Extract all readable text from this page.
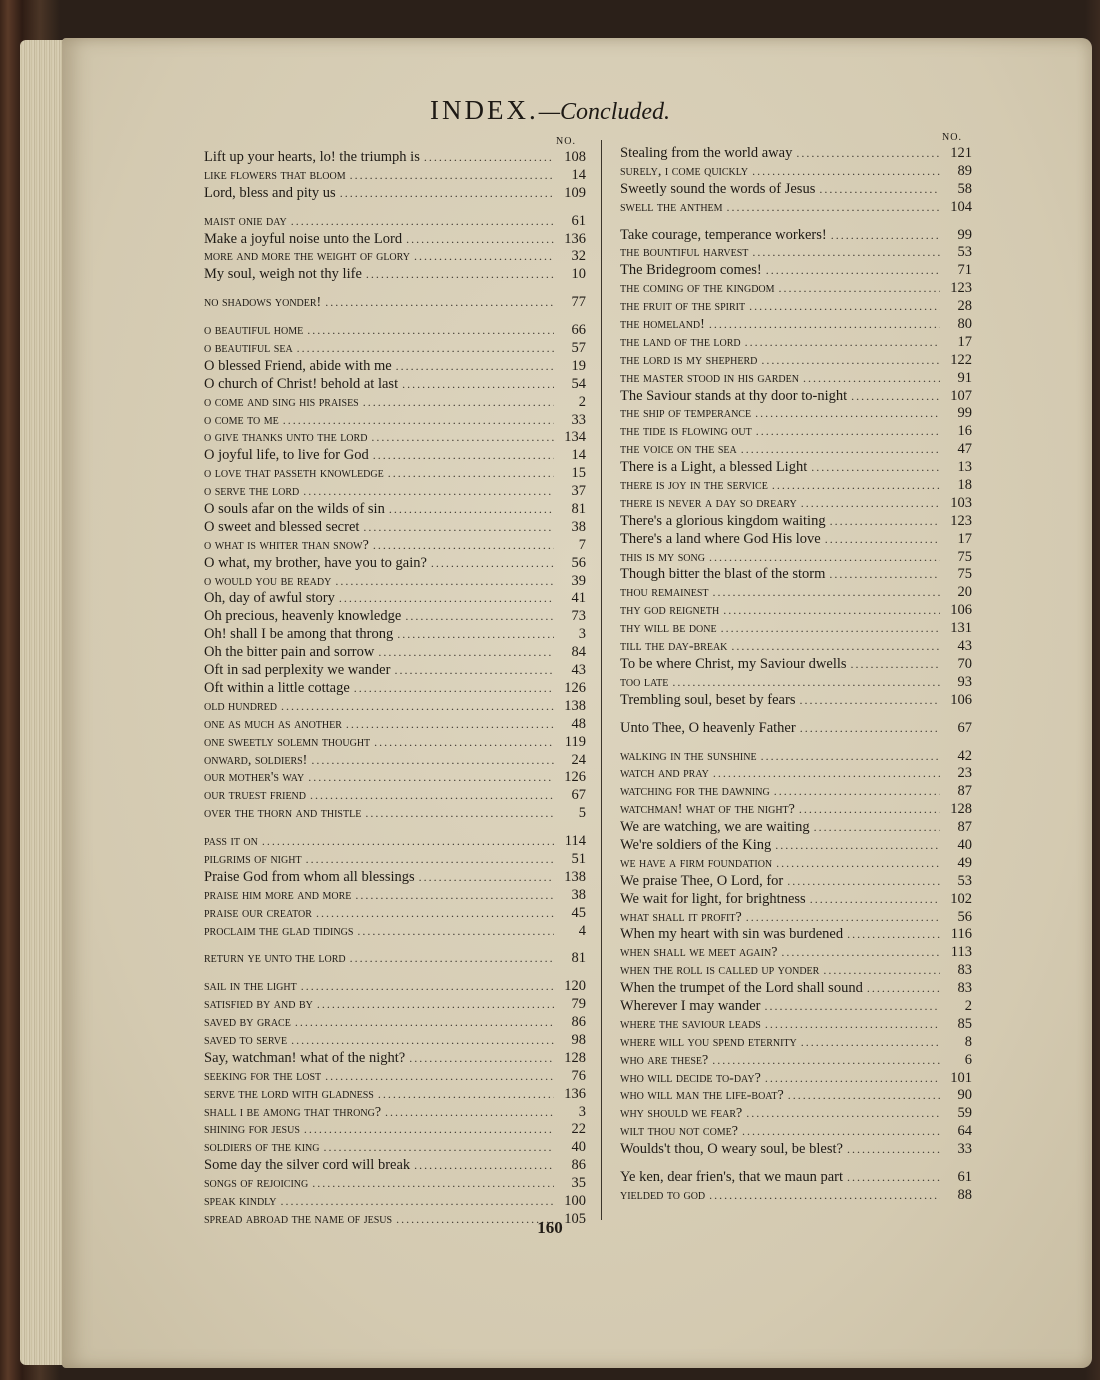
INDEX.—Concluded.
NO.
Lift up your hearts, lo! the triumph is .....	108
like flowers that bloom .....	14
Lord, bless and pity us .....	109
maist onie day .....	61
Make a joyful noise unto the Lord .....	136
more and more the weight of glory .....	32
My soul, weigh not thy life .....	10
no shadows yonder! .....	77
o beautiful home .....	66
o beautiful sea .....	57
O blessed Friend, abide with me .....	19
O church of Christ! behold at last .....	54
o come and sing his praises .....	2
o come to me .....	33
o give thanks unto the lord .....	134
O joyful life, to live for God .....	14
o love that passeth knowledge .....	15
o serve the lord .....	37
O souls afar on the wilds of sin .....	81
O sweet and blessed secret .....	38
o what is whiter than snow? .....	7
O what, my brother, have you to gain? .....	56
o would you be ready .....	39
Oh, day of awful story .....	41
Oh precious, heavenly knowledge .....	73
Oh! shall I be among that throng .....	3
Oh the bitter pain and sorrow .....	84
Oft in sad perplexity we wander .....	43
Oft within a little cottage .....	126
old hundred .....	138
one as much as another .....	48
one sweetly solemn thought .....	119
onward, soldiers! .....	24
our mother's way .....	126
our truest friend .....	67
over the thorn and thistle .....	5
pass it on .....	114
pilgrims of night .....	51
Praise God from whom all blessings .....	138
praise him more and more .....	38
praise our creator .....	45
proclaim the glad tidings .....	4
return ye unto the lord .....	81
sail in the light .....	120
satisfied by and by .....	79
saved by grace .....	86
saved to serve .....	98
Say, watchman! what of the night? .....	128
seeking for the lost .....	76
serve the lord with gladness .....	136
shall i be among that throng? .....	3
shining for jesus .....	22
soldiers of the king .....	40
Some day the silver cord will break .....	86
songs of rejoicing .....	35
speak kindly .....	100
spread abroad the name of jesus .....	105
NO.
Stealing from the world away .....	121
surely, i come quickly .....	89
Sweetly sound the words of Jesus .....	58
swell the anthem .....	104
Take courage, temperance workers! .....	99
the bountiful harvest .....	53
The Bridegroom comes! .....	71
the coming of the kingdom .....	123
the fruit of the spirit .....	28
the homeland! .....	80
the land of the lord .....	17
the lord is my shepherd .....	122
the master stood in his garden .....	91
The Saviour stands at thy door to-night .....	107
the ship of temperance .....	99
the tide is flowing out .....	16
the voice on the sea .....	47
There is a Light, a blessed Light .....	13
there is joy in the service .....	18
there is never a day so dreary .....	103
There's a glorious kingdom waiting .....	123
There's a land where God His love .....	17
this is my song .....	75
Though bitter the blast of the storm .....	75
thou remainest .....	20
thy god reigneth .....	106
thy will be done .....	131
till the day-break .....	43
To be where Christ, my Saviour dwells .....	70
too late .....	93
Trembling soul, beset by fears .....	106
Unto Thee, O heavenly Father .....	67
walking in the sunshine .....	42
watch and pray .....	23
watching for the dawning .....	87
watchman! what of the night? .....	128
We are watching, we are waiting .....	87
We're soldiers of the King .....	40
we have a firm foundation .....	49
We praise Thee, O Lord, for .....	53
We wait for light, for brightness .....	102
what shall it profit? .....	56
When my heart with sin was burdened .....	116
when shall we meet again? .....	113
when the roll is called up yonder .....	83
When the trumpet of the Lord shall sound .....	83
Wherever I may wander .....	2
where the saviour leads .....	85
where will you spend eternity .....	8
who are these? .....	6
who will decide to-day? .....	101
who will man the life-boat? .....	90
why should we fear? .....	59
wilt thou not come? .....	64
Woulds't thou, O weary soul, be blest? .....	33
Ye ken, dear frien's, that we maun part .....	61
yielded to god .....	88
160
